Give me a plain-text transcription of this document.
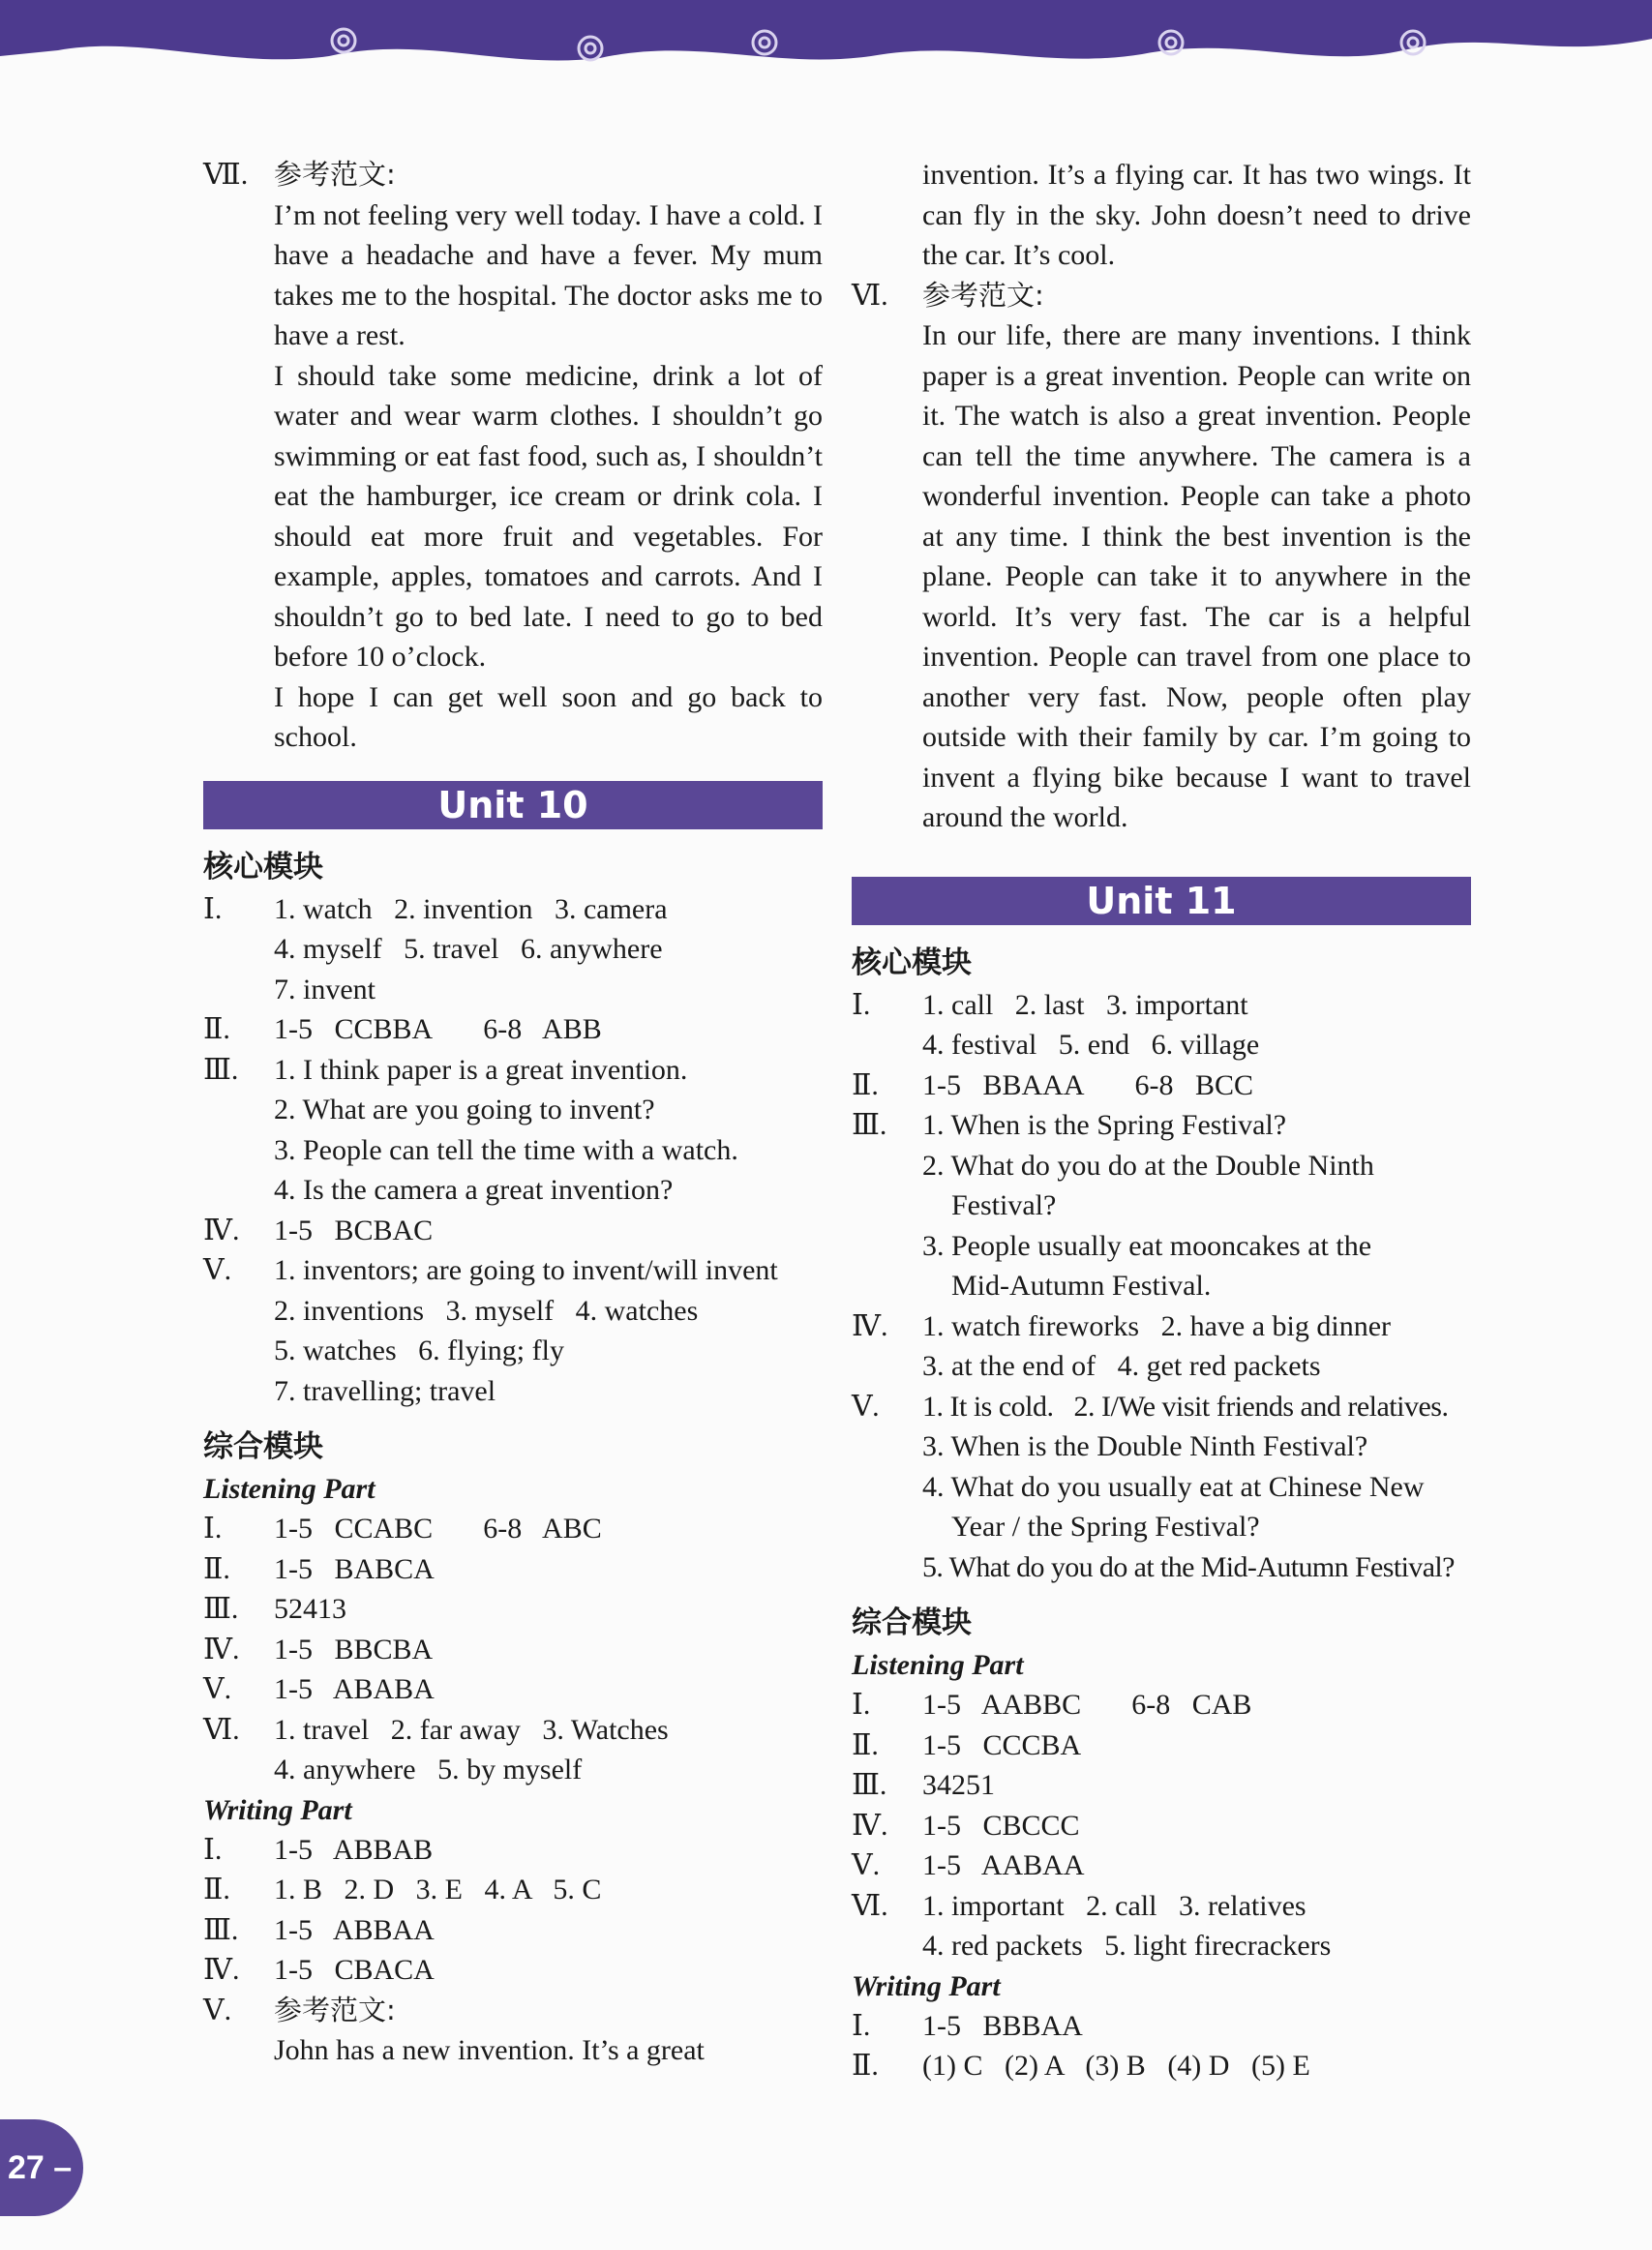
Ⅶ. 参考范文:
I’m not feeling very well today. I have a cold. I have a headache and have a fever. My mum takes me to the hospital. The doctor asks me to have a rest.
I should take some medicine, drink a lot of water and wear warm clothes. I shouldn’t go swimming or eat fast food, such as, I shouldn’t eat the hamburger, ice cream or drink cola. I should eat more fruit and vegetables. For example, apples, tomatoes and carrots. And I shouldn’t go to bed late. I need to go to bed before 10 o’clock.
I hope I can get well soon and go back to school.
Unit 10
核心模块
Ⅰ. 1. watch   2. invention   3. camera
4. myself   5. travel   6. anywhere
7. invent
Ⅱ. 1-5   CCBBA 6-8   ABB
Ⅲ. 1. I think paper is a great invention.
2. What are you going to invent?
3. People can tell the time with a watch.
4. Is the camera a great invention?
Ⅳ. 1-5   BCBAC
Ⅴ. 1. inventors; are going to invent/will invent
2. inventions   3. myself   4. watches
5. watches   6. flying; fly
7. travelling; travel
综合模块
Listening Part
Ⅰ. 1-5   CCABC 6-8   ABC
Ⅱ. 1-5   BABCA
Ⅲ. 52413
Ⅳ. 1-5   BBCBA
Ⅴ. 1-5   ABABA
Ⅵ. 1. travel   2. far away   3. Watches
4. anywhere   5. by myself
Writing Part
Ⅰ. 1-5   ABBAB
Ⅱ. 1. B   2. D   3. E   4. A   5. C
Ⅲ. 1-5   ABBAA
Ⅳ. 1-5   CBACA
Ⅴ. 参考范文:
John has a new invention. It’s a great
invention. It’s a flying car. It has two wings. It can fly in the sky. John doesn’t need to drive the car. It’s cool.
Ⅵ. 参考范文:
In our life, there are many inventions. I think paper is a great invention. People can write on it. The watch is also a great invention. People can tell the time anywhere. The camera is a wonderful invention. People can take a photo at any time. I think the best invention is the plane. People can take it to anywhere in the world. It’s very fast. The car is a helpful invention. People can travel from one place to another very fast. Now, people often play outside with their family by car. I’m going to invent a flying bike because I want to travel around the world.
Unit 11
核心模块
Ⅰ. 1. call   2. last   3. important
4. festival   5. end   6. village
Ⅱ. 1-5   BBAAA 6-8   BCC
Ⅲ. 1. When is the Spring Festival?
2. What do you do at the Double Ninth
Festival?
3. People usually eat mooncakes at the
Mid-Autumn Festival.
Ⅳ. 1. watch fireworks   2. have a big dinner
3. at the end of   4. get red packets
Ⅴ. 1. It is cold.   2. I/We visit friends and relatives.
3. When is the Double Ninth Festival?
4. What do you usually eat at Chinese New
Year / the Spring Festival?
5. What do you do at the Mid-Autumn Festival?
综合模块
Listening Part
Ⅰ. 1-5   AABBC 6-8   CAB
Ⅱ. 1-5   CCCBA
Ⅲ. 34251
Ⅳ. 1-5   CBCCC
Ⅴ. 1-5   AABAA
Ⅵ. 1. important   2. call   3. relatives
4. red packets   5. light firecrackers
Writing Part
Ⅰ. 1-5   BBBAA
Ⅱ. (1) C   (2) A   (3) B   (4) D   (5) E
27 –
